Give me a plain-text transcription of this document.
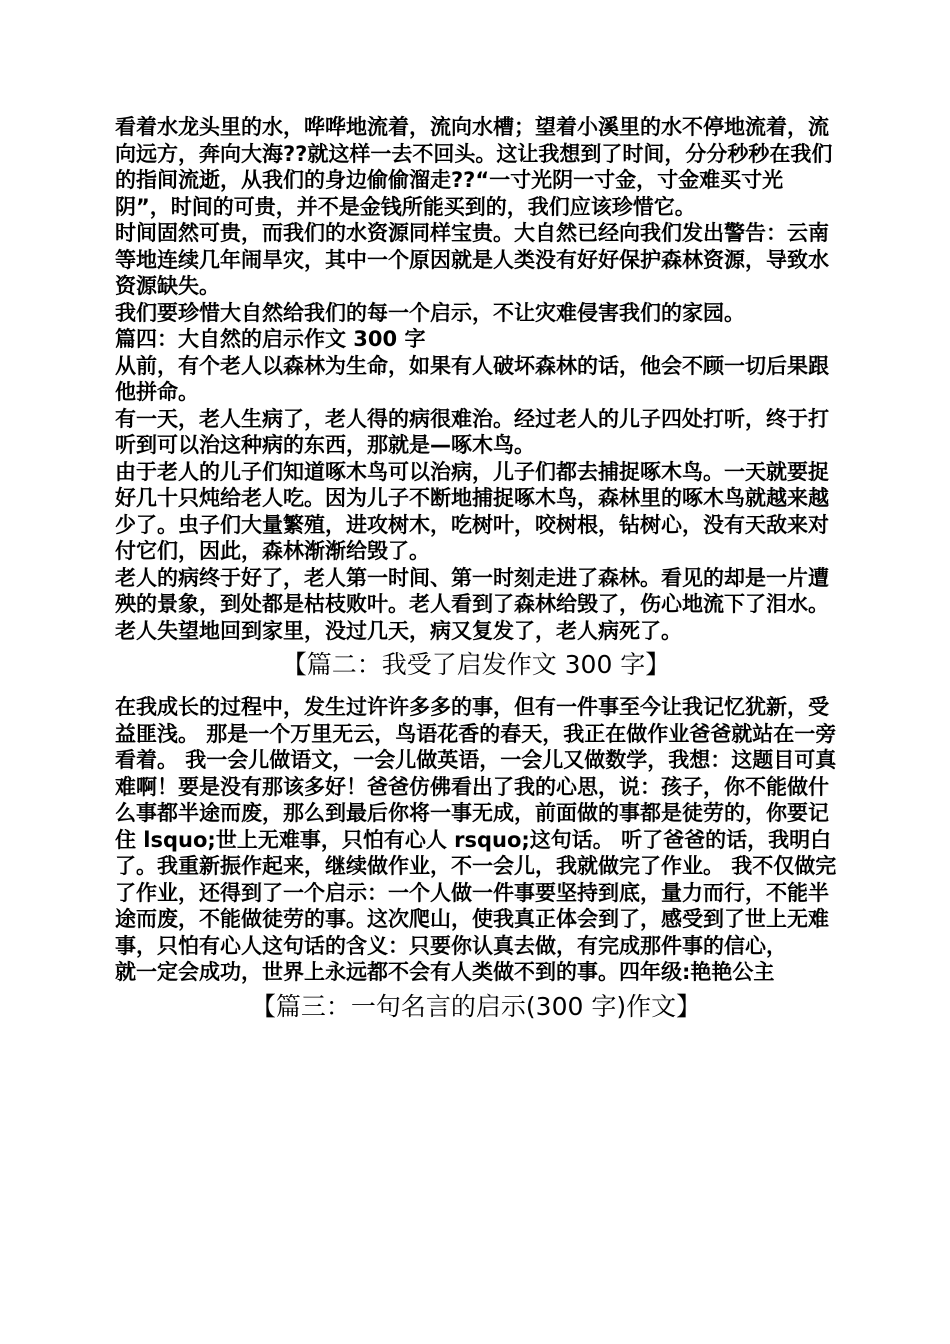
看着水龙头里的水，哗哗地流着，流向水槽；望着小溪里的水不停地流着，流向远方，奔向大海??就这样一去不回头。这让我想到了时间，分分秒秒在我们的指间流逝，从我们的身边偷偷溜走??“一寸光阴一寸金，寸金难买寸光阴”，时间的可贵，并不是金钱所能买到的，我们应该珍惜它。

时间固然可贵，而我们的水资源同样宝贵。大自然已经向我们发出警告：云南等地连续几年闹旱灾，其中一个原因就是人类没有好好保护森林资源，导致水资源缺失。

我们要珍惜大自然给我们的每一个启示，不让灾难侵害我们的家园。

篇四：大自然的启示作文 300 字

从前，有个老人以森林为生命，如果有人破坏森林的话，他会不顾一切后果跟他拼命。

有一天，老人生病了，老人得的病很难治。经过老人的儿子四处打听，终于打听到可以治这种病的东西，那就是—啄木鸟。

由于老人的儿子们知道啄木鸟可以治病，儿子们都去捕捉啄木鸟。一天就要捉好几十只炖给老人吃。因为儿子不断地捕捉啄木鸟，森林里的啄木鸟就越来越少了。虫子们大量繁殖，进攻树木，吃树叶，咬树根，钻树心，没有天敌来对付它们，因此，森林渐渐给毁了。

老人的病终于好了，老人第一时间、第一时刻走进了森林。看见的却是一片遭殃的景象，到处都是枯枝败叶。老人看到了森林给毁了，伤心地流下了泪水。老人失望地回到家里，没过几天，病又复发了，老人病死了。

【篇二：我受了启发作文 300 字】

在我成长的过程中，发生过许许多多的事，但有一件事至今让我记忆犹新，受益匪浅。 那是一个万里无云，鸟语花香的春天，我正在做作业爸爸就站在一旁看着。 我一会儿做语文，一会儿做英语，一会儿又做数学，我想：这题目可真难啊！要是没有那该多好！爸爸仿佛看出了我的心思，说：孩子，你不能做什么事都半途而废，那么到最后你将一事无成，前面做的事都是徒劳的，你要记住 lsquo;世上无难事，只怕有心人 rsquo;这句话。 听了爸爸的话，我明白了。我重新振作起来，继续做作业，不一会儿，我就做完了作业。 我不仅做完了作业，还得到了一个启示：一个人做一件事要坚持到底，量力而行，不能半途而废，不能做徒劳的事。这次爬山，使我真正体会到了，感受到了世上无难事，只怕有心人这句话的含义：只要你认真去做，有完成那件事的信心，

就一定会成功，世界上永远都不会有人类做不到的事。四年级:艳艳公主

【篇三：一句名言的启示(300 字)作文】
